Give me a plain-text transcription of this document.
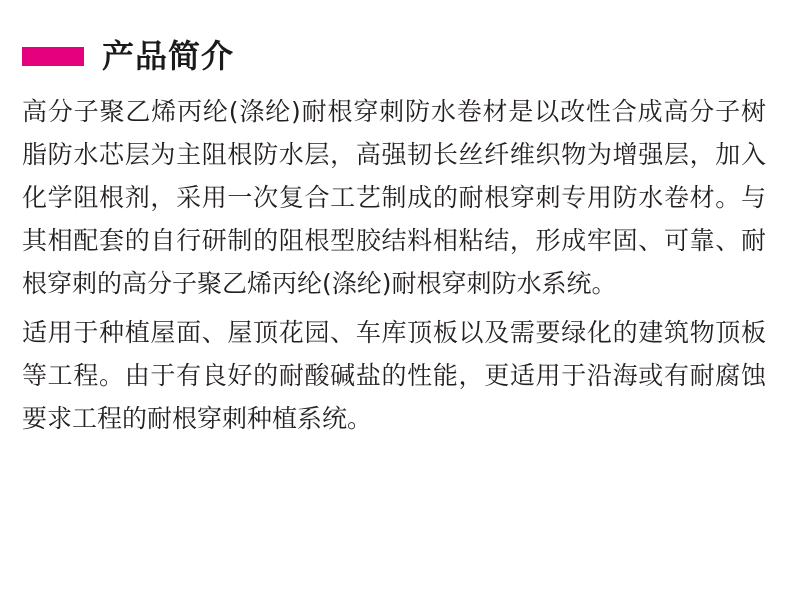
产品简介

高分子聚乙烯丙纶(涤纶)耐根穿刺防水卷材是以改性合成高分子树脂防水芯层为主阻根防水层，高强韧长丝纤维织物为增强层，加入化学阻根剂，采用一次复合工艺制成的耐根穿刺专用防水卷材。与其相配套的自行研制的阻根型胶结料相粘结，形成牢固、可靠、耐根穿刺的高分子聚乙烯丙纶(涤纶)耐根穿刺防水系统。

适用于种植屋面、屋顶花园、车库顶板以及需要绿化的建筑物顶板等工程。由于有良好的耐酸碱盐的性能，更适用于沿海或有耐腐蚀要求工程的耐根穿刺种植系统。
